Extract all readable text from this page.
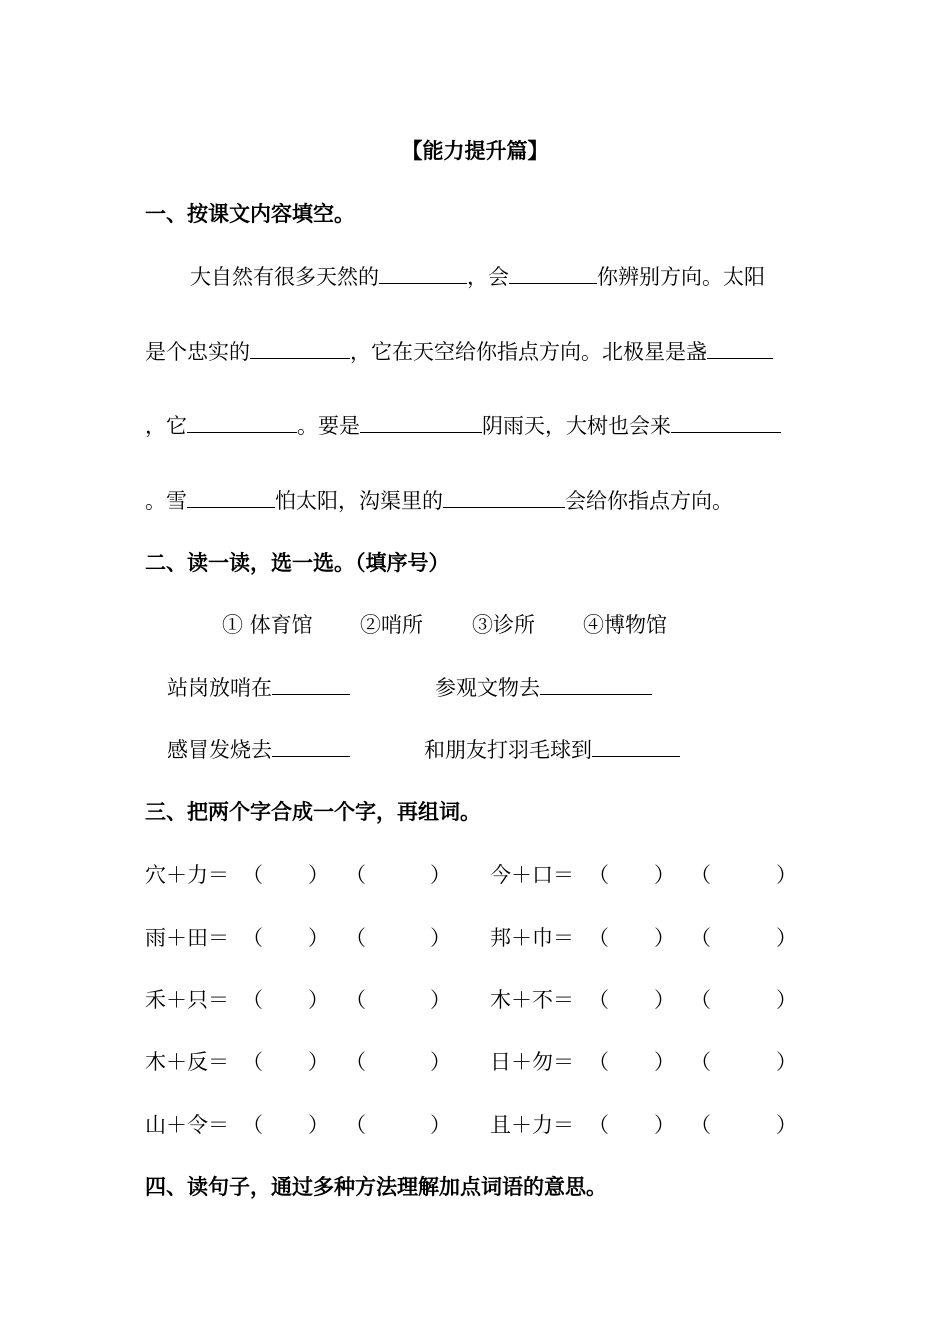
【能力提升篇】
一、按课文内容填空。
大自然有很多天然的	，会	你辨别方向。太阳
是个忠实的	，它在天空给你指点方向。北极星是盏
，它	。要是	阴雨天，大树也会来
。雪	怕太阳，沟渠里的	会给你指点方向。
二、读一读，选一选。（填序号）
① 体育馆 ②哨所 ③诊所 ④博物馆
站岗放哨在	参观文物去
感冒发烧去	和朋友打羽毛球到
三、把两个字合成一个字，再组词。
穴＋力＝ （ ） （	） 今＋口＝ （ ） （	）
雨＋田＝ （ ） （	） 邦＋巾＝ （ ） （	）
禾＋只＝ （ ） （	） 木＋不＝ （ ） （	）
木＋反＝ （ ） （	） 日＋勿＝ （ ） （	）
山＋令＝ （ ） （	） 且＋力＝ （ ） （	）
四、读句子，通过多种方法理解加点词语的意思。
